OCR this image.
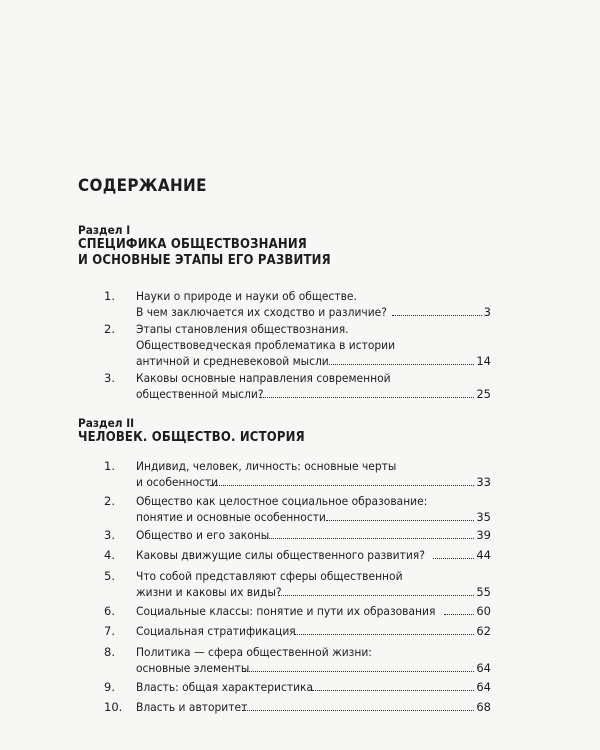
СОДЕРЖАНИЕ
Раздел I
СПЕЦИФИКА ОБЩЕСТВОЗНАНИЯ
И ОСНОВНЫЕ ЭТАПЫ ЕГО РАЗВИТИЯ
1. Науки о природе и науки об обществе.
В чем заключается их сходство и различие?	3
2. Этапы становления обществознания.
Обществоведческая проблематика в истории
античной и средневековой мысли	14
3. Каковы основные направления современной
общественной мысли?	25
Раздел II
ЧЕЛОВЕК. ОБЩЕСТВО. ИСТОРИЯ
1. Индивид, человек, личность: основные черты
и особенности	33
2. Общество как целостное социальное образование:
понятие и основные особенности	35
3. Общество и его законы	39
4. Каковы движущие силы общественного развития?	44
5. Что собой представляют сферы общественной
жизни и каковы их виды?	55
6. Социальные классы: понятие и пути их образования	60
7. Социальная стратификация	62
8. Политика — сфера общественной жизни:
основные элементы	64
9. Власть: общая характеристика	64
10. Власть и авторитет	68
